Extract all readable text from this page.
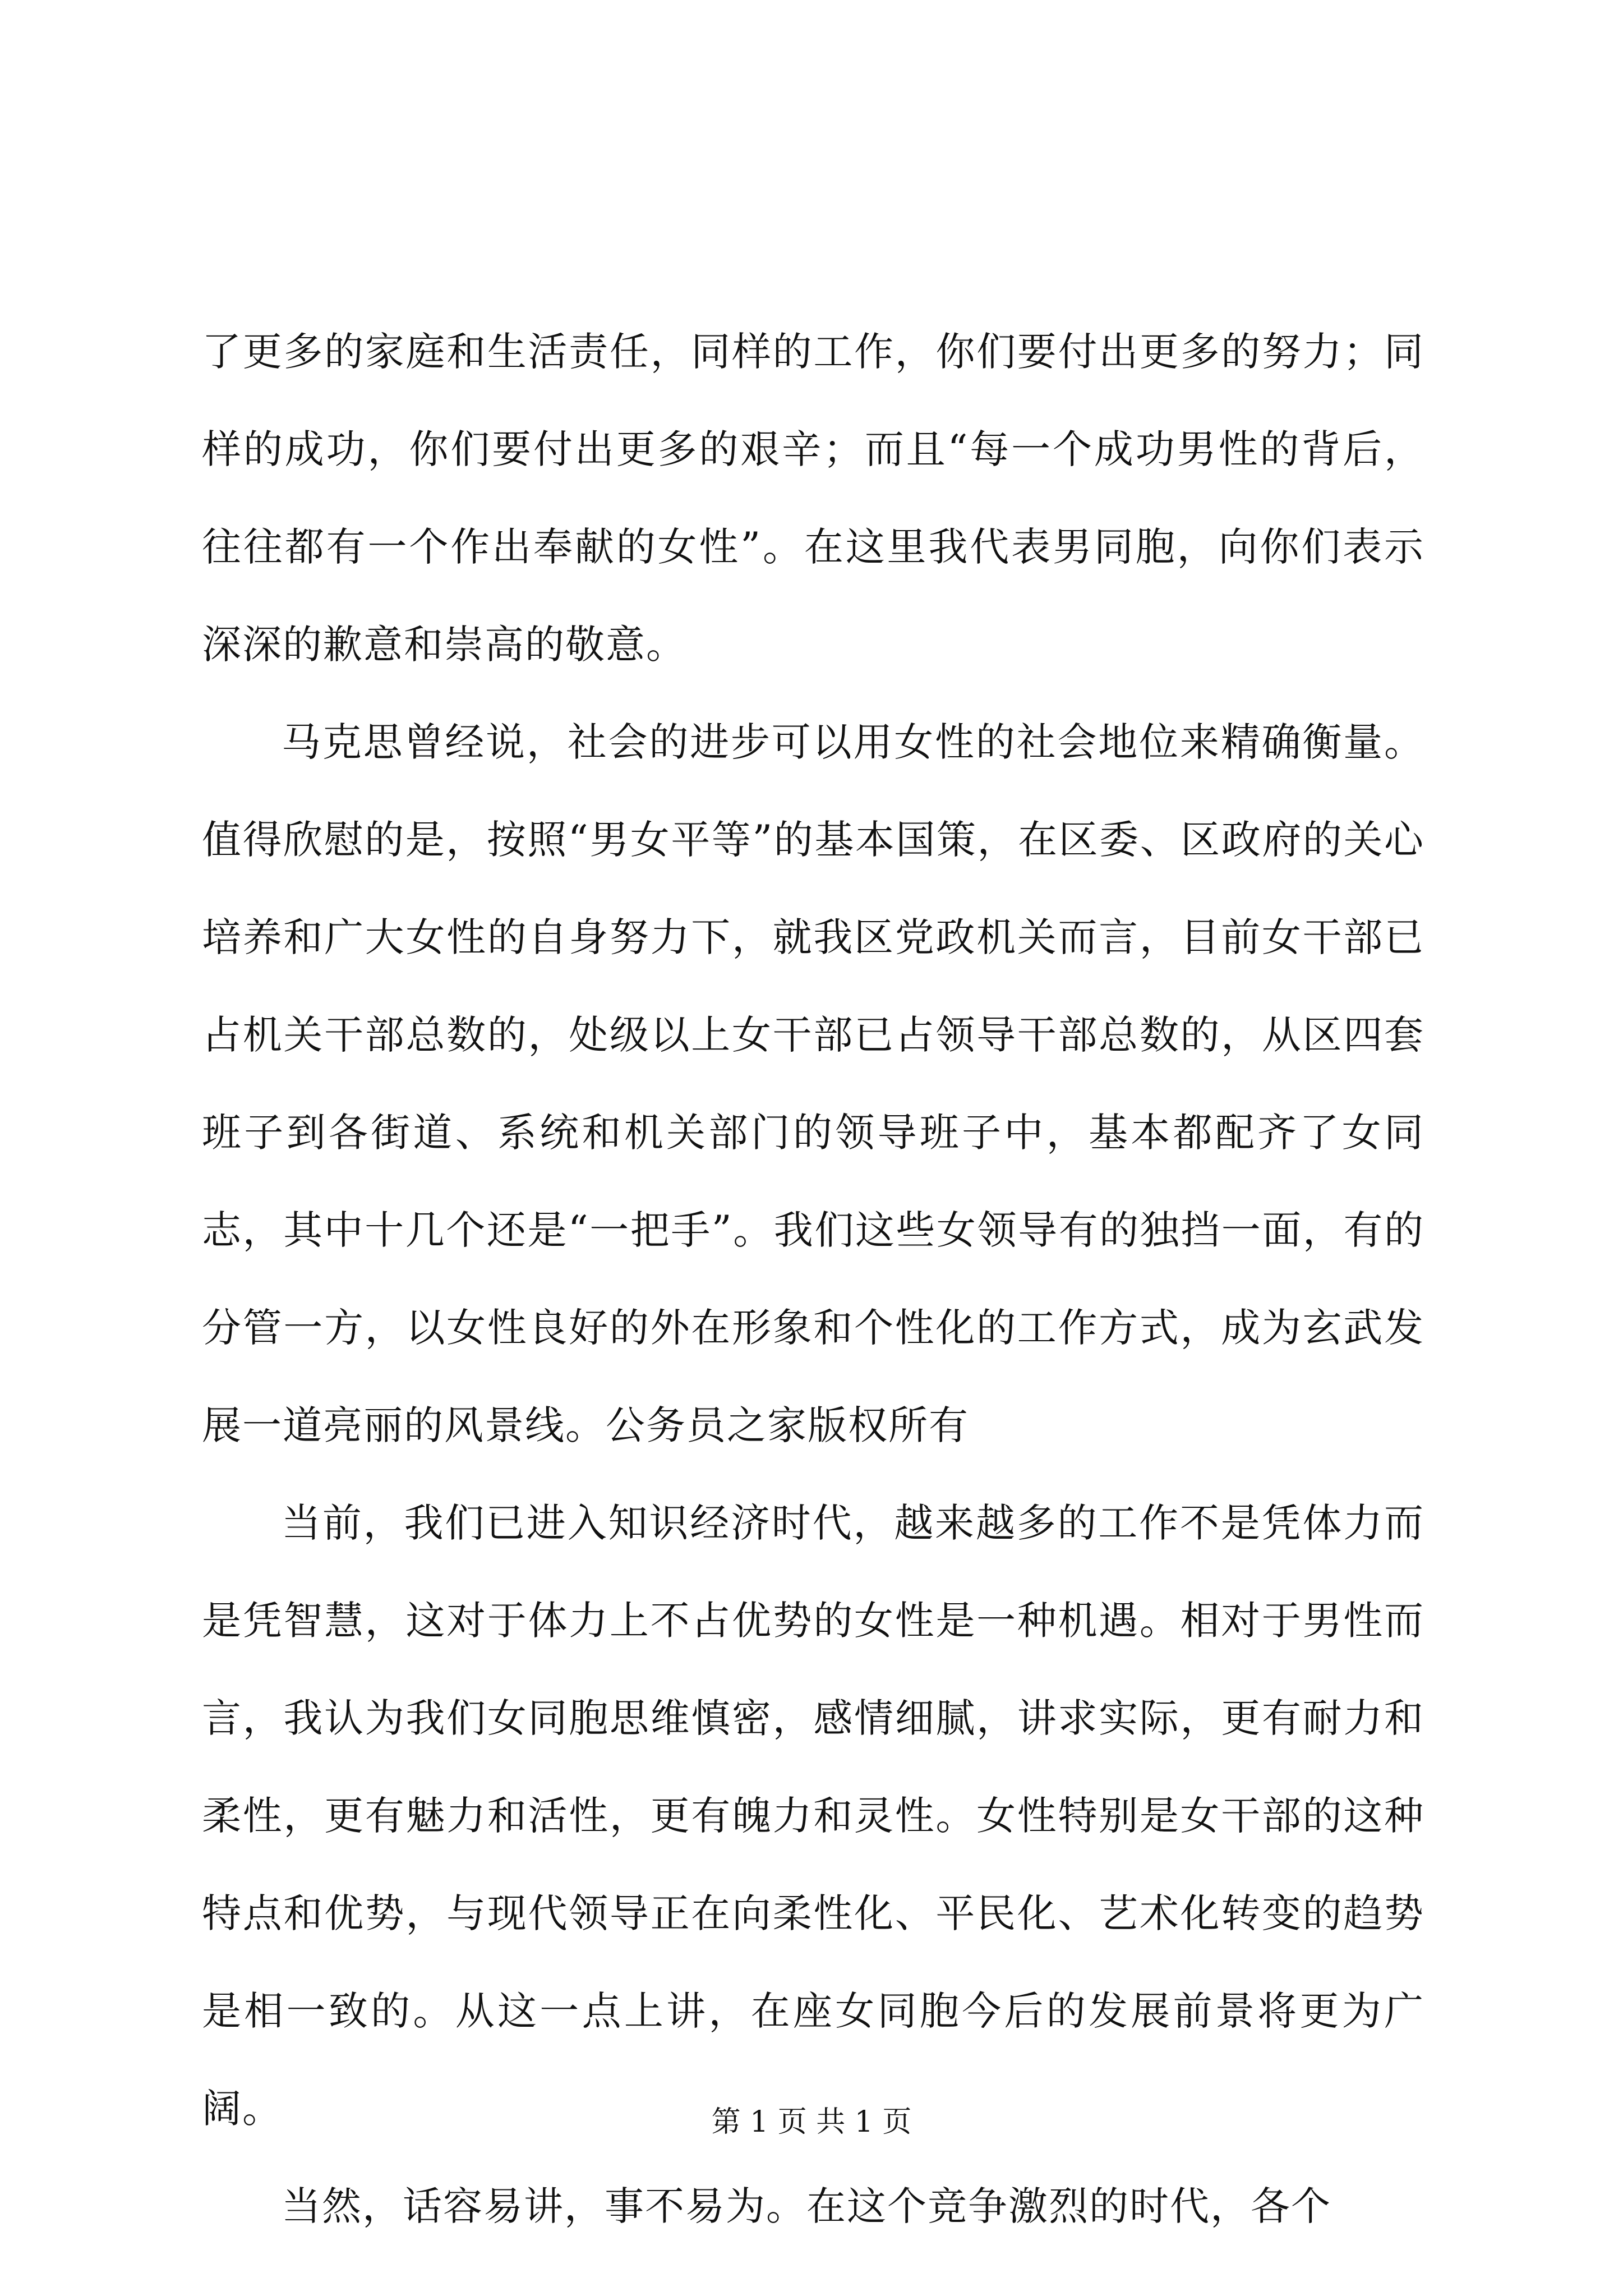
了更多的家庭和生活责任，同样的工作，你们要付出更多的努力；同样的成功，你们要付出更多的艰辛；而且“每一个成功男性的背后，往往都有一个作出奉献的女性”。在这里我代表男同胞，向你们表示深深的歉意和崇高的敬意。

马克思曾经说，社会的进步可以用女性的社会地位来精确衡量。值得欣慰的是，按照“男女平等”的基本国策，在区委、区政府的关心培养和广大女性的自身努力下，就我区党政机关而言，目前女干部已占机关干部总数的，处级以上女干部已占领导干部总数的，从区四套班子到各街道、系统和机关部门的领导班子中，基本都配齐了女同志，其中十几个还是“一把手”。我们这些女领导有的独挡一面，有的分管一方，以女性良好的外在形象和个性化的工作方式，成为玄武发展一道亮丽的风景线。公务员之家版权所有

当前，我们已进入知识经济时代，越来越多的工作不是凭体力而是凭智慧，这对于体力上不占优势的女性是一种机遇。相对于男性而言，我认为我们女同胞思维慎密，感情细腻，讲求实际，更有耐力和柔性，更有魅力和活性，更有魄力和灵性。女性特别是女干部的这种特点和优势，与现代领导正在向柔性化、平民化、艺术化转变的趋势是相一致的。从这一点上讲，在座女同胞今后的发展前景将更为广阔。

当然，话容易讲，事不易为。在这个竞争激烈的时代，各个

第 1 页 共 1 页
